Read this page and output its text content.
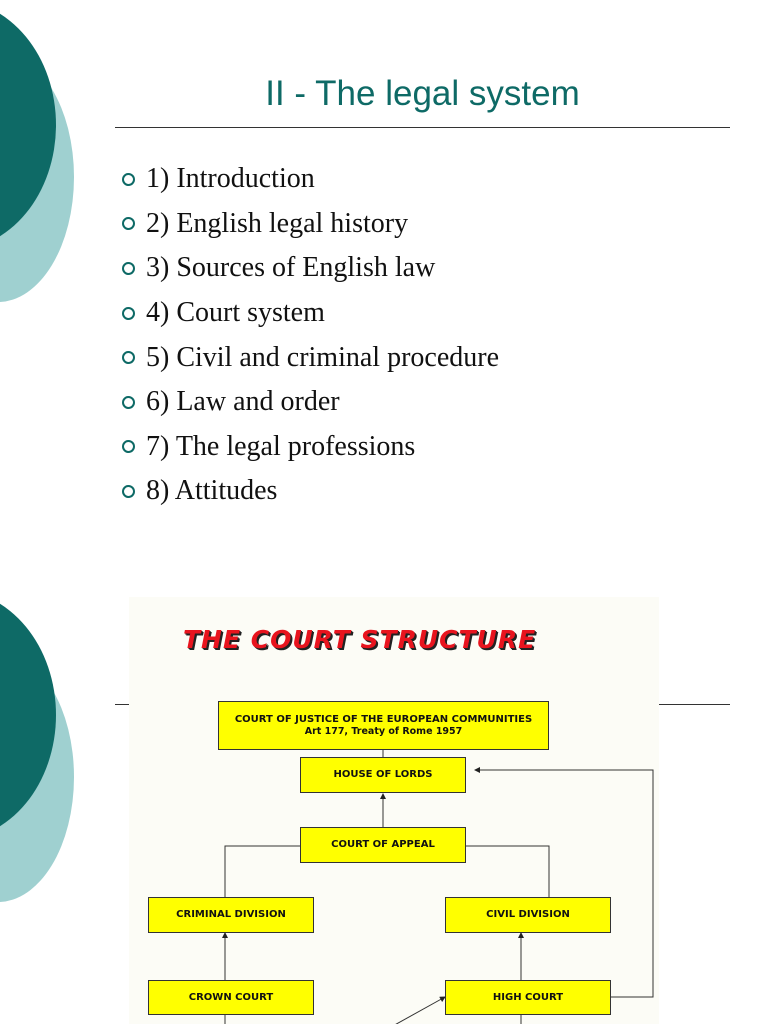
II - The legal system
1) Introduction
2) English legal history
3) Sources of English law
4) Court system
5) Civil and criminal procedure
6) Law and order
7) The legal professions
8) Attitudes
THE COURT STRUCTURE
COURT OF JUSTICE OF THE EUROPEAN COMMUNITIES
Art 177, Treaty of Rome 1957
HOUSE OF LORDS
COURT OF APPEAL
CRIMINAL DIVISION	CIVIL DIVISION
CROWN COURT	HIGH COURT
